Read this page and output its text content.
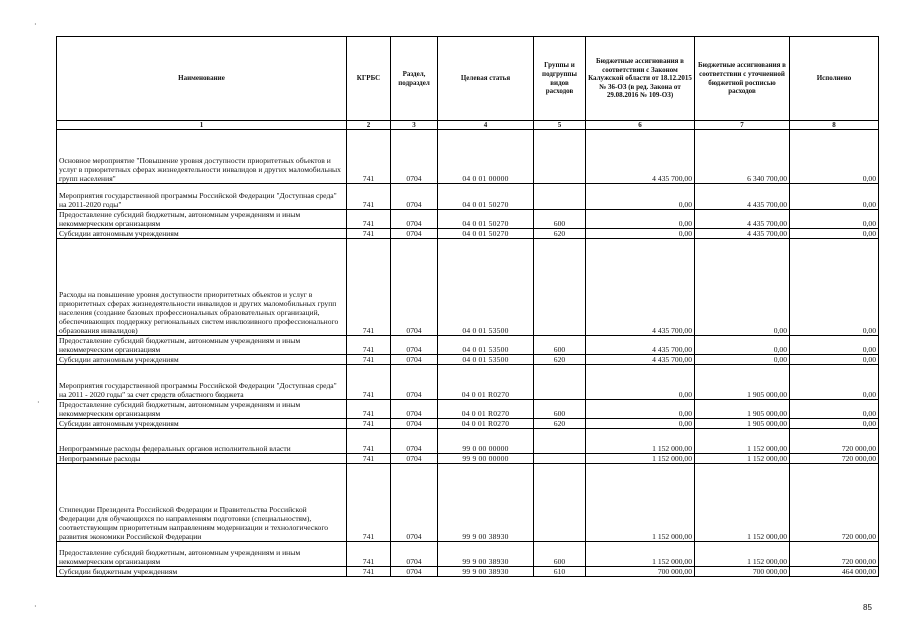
·
·
·
Наименование	КГРБС	Раздел, подраздел	Целевая статья	Группы и подгруппы видов расходов	Бюджетные ассигнования в соответствии с Законом Калужской области от 18.12.2015 № 36-ОЗ (в ред. Закона от 29.08.2016 № 109-ОЗ)	Бюджетные ассигнования в соответствии с уточненной бюджетной росписью расходов	Исполнено
1	2	3	4	5	6	7	8
Основное мероприятие "Повышение уровня доступности приоритетных объектов и услуг в приоритетных сферах жизнедеятельности инвалидов и других маломобильных групп населения"	741	0704	04 0 01 00000		4 435 700,00	6 340 700,00	0,00
Мероприятия государственной программы Российской Федерации "Доступная среда" на 2011-2020 годы"	741	0704	04 0 01 50270		0,00	4 435 700,00	0,00
Предоставление субсидий бюджетным, автономным учреждениям и иным некоммерческим организациям	741	0704	04 0 01 50270	600	0,00	4 435 700,00	0,00
Субсидии автономным учреждениям	741	0704	04 0 01 50270	620	0,00	4 435 700,00	0,00
Расходы на повышение уровня доступности приоритетных объектов и услуг в приоритетных сферах жизнедеятельности инвалидов и других маломобильных групп населения (создание базовых профессиональных образовательных организаций, обеспечивающих поддержку региональных систем инклюзивного профессионального образования инвалидов)	741	0704	04 0 01 53500		4 435 700,00	0,00	0,00
Предоставление субсидий бюджетным, автономным учреждениям и иным некоммерческим организациям	741	0704	04 0 01 53500	600	4 435 700,00	0,00	0,00
Субсидии автономным учреждениям	741	0704	04 0 01 53500	620	4 435 700,00	0,00	0,00
Мероприятия государственной программы Российской Федерации "Доступная среда" на 2011 - 2020 годы" за счет средств областного бюджета	741	0704	04 0 01 R0270		0,00	1 905 000,00	0,00
Предоставление субсидий бюджетным, автономным учреждениям и иным некоммерческим организациям	741	0704	04 0 01 R0270	600	0,00	1 905 000,00	0,00
Субсидии автономным учреждениям	741	0704	04 0 01 R0270	620	0,00	1 905 000,00	0,00
Непрограммные расходы федеральных органов исполнительной власти	741	0704	99 0 00 00000		1 152 000,00	1 152 000,00	720 000,00
Непрограммные расходы	741	0704	99 9 00 00000		1 152 000,00	1 152 000,00	720 000,00
Стипендии Президента Российской Федерации и Правительства Российской Федерации для обучающихся по направлениям подготовки (специальностям), соответствующим приоритетным направлениям модернизации и технологического развития экономики Российской Федерации	741	0704	99 9 00 38930		1 152 000,00	1 152 000,00	720 000,00
Предоставление субсидий бюджетным, автономным учреждениям и иным некоммерческим организациям	741	0704	99 9 00 38930	600	1 152 000,00	1 152 000,00	720 000,00
Субсидии бюджетным учреждениям	741	0704	99 9 00 38930	610	700 000,00	700 000,00	464 000,00
85
